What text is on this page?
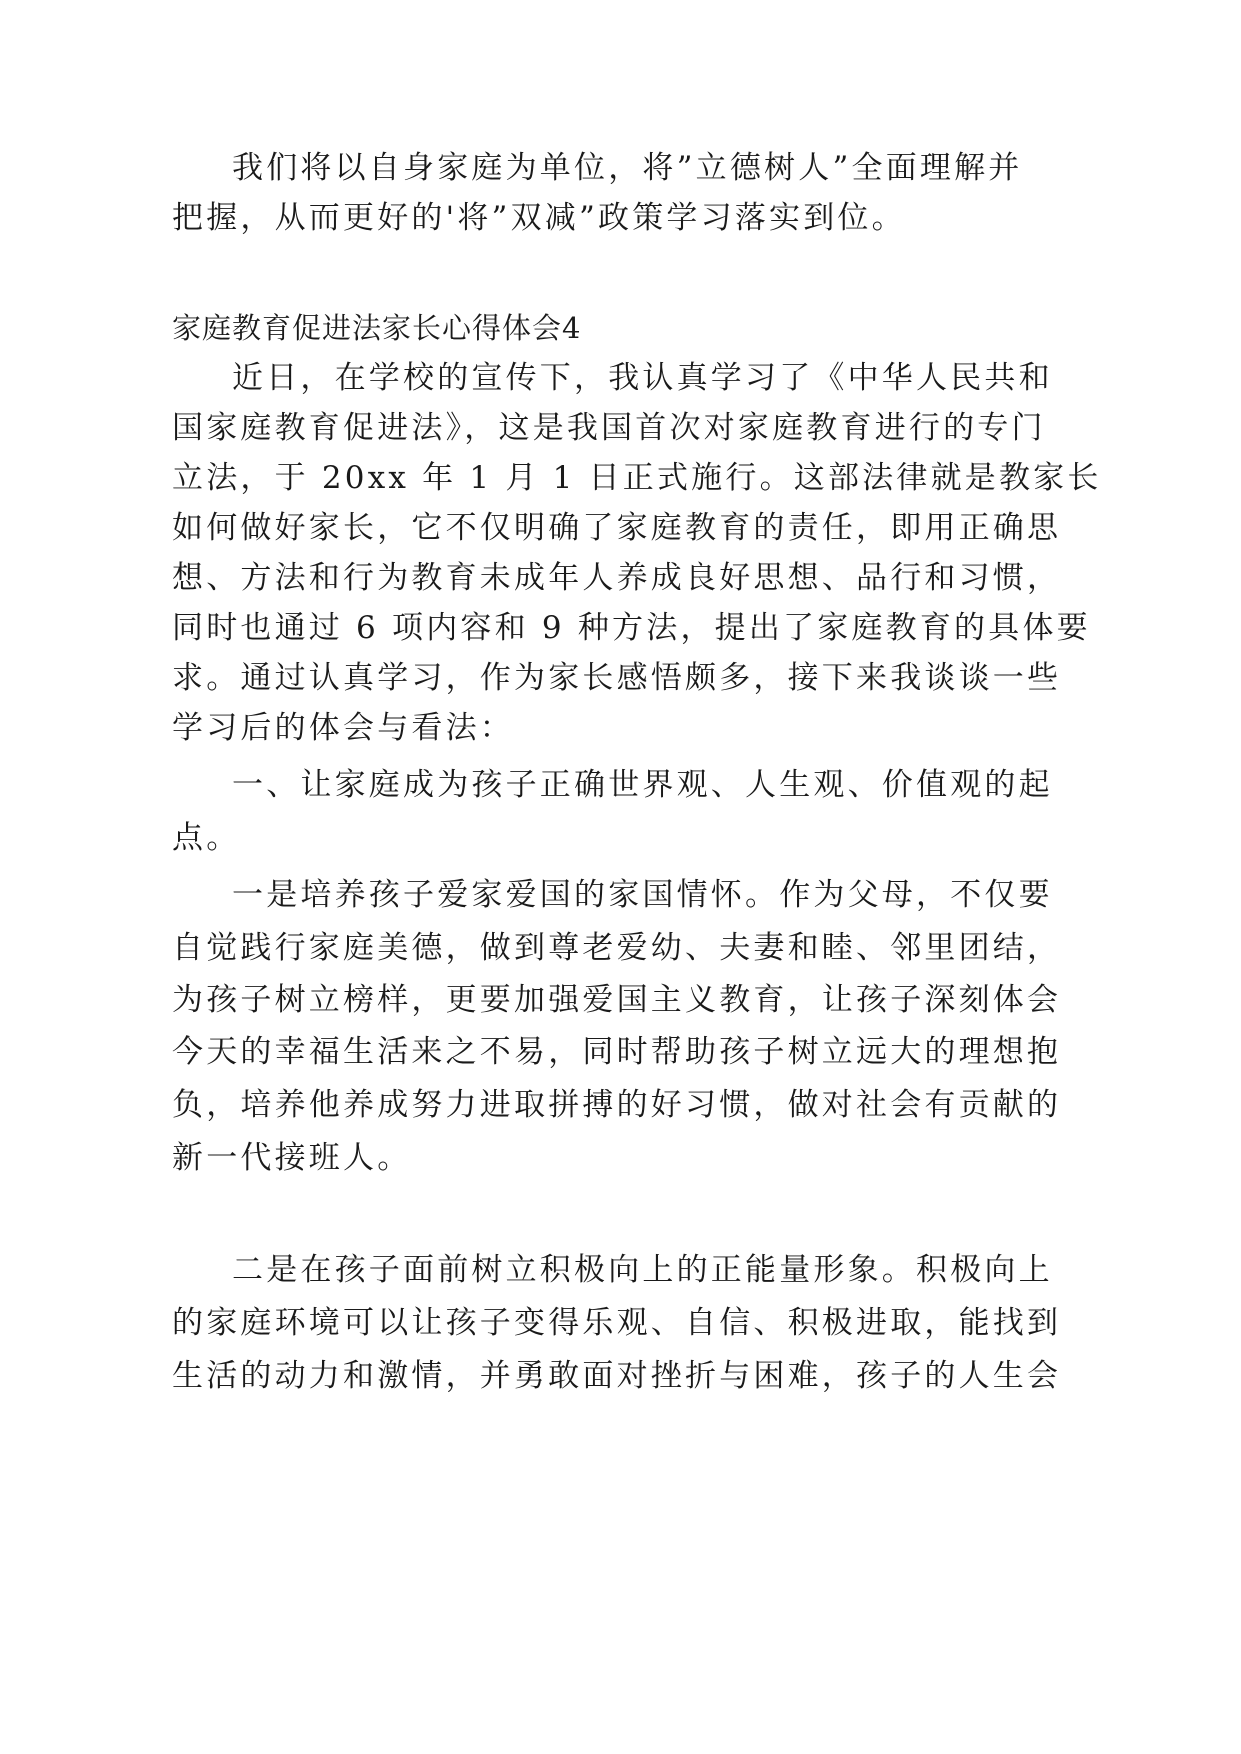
我们将以自身家庭为单位，将”立德树人”全面理解并

把握，从而更好的'将”双减”政策学习落实到位。

家庭教育促进法家长心得体会4

近日，在学校的宣传下，我认真学习了《中华人民共和

国家庭教育促进法》，这是我国首次对家庭教育进行的专门

立法，于 20xx 年 1 月 1 日正式施行。这部法律就是教家长

如何做好家长，它不仅明确了家庭教育的责任，即用正确思

想、方法和行为教育未成年人养成良好思想、品行和习惯，

同时也通过 6 项内容和 9 种方法，提出了家庭教育的具体要

求。通过认真学习，作为家长感悟颇多，接下来我谈谈一些

学习后的体会与看法：

一、让家庭成为孩子正确世界观、人生观、价值观的起

点。

一是培养孩子爱家爱国的家国情怀。作为父母，不仅要

自觉践行家庭美德，做到尊老爱幼、夫妻和睦、邻里团结，

为孩子树立榜样，更要加强爱国主义教育，让孩子深刻体会

今天的幸福生活来之不易，同时帮助孩子树立远大的理想抱

负，培养他养成努力进取拼搏的好习惯，做对社会有贡献的

新一代接班人。

二是在孩子面前树立积极向上的正能量形象。积极向上

的家庭环境可以让孩子变得乐观、自信、积极进取，能找到

生活的动力和激情，并勇敢面对挫折与困难，孩子的人生会
